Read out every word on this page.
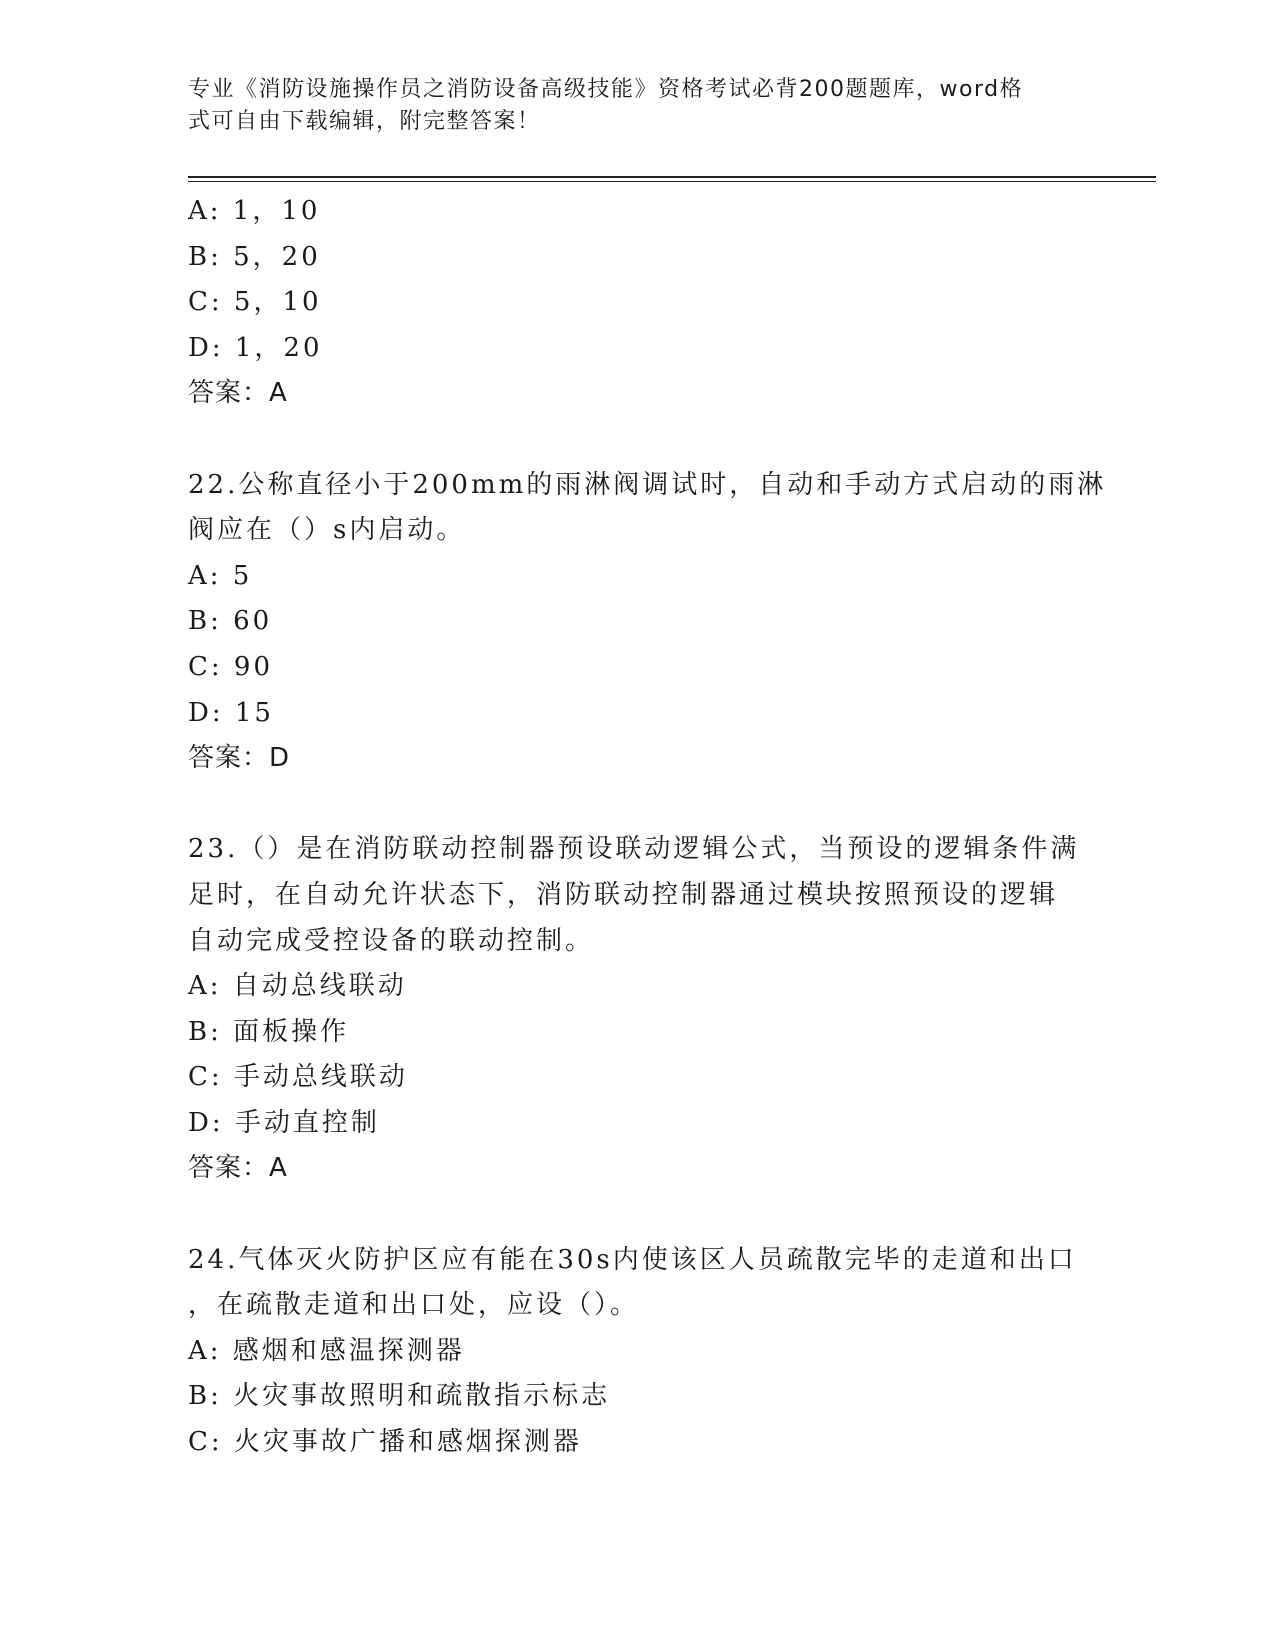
专业《消防设施操作员之消防设备高级技能》资格考试必背200题题库，word格
式可自由下载编辑，附完整答案！
A: 1，10
B: 5，20
C: 5，10
D: 1，20
答案：A
22.公称直径小于200mm的雨淋阀调试时，自动和手动方式启动的雨淋
阀应在（）s内启动。
A: 5
B: 60
C: 90
D: 15
答案：D
23.（）是在消防联动控制器预设联动逻辑公式，当预设的逻辑条件满
足时，在自动允许状态下，消防联动控制器通过模块按照预设的逻辑
自动完成受控设备的联动控制。
A: 自动总线联动
B: 面板操作
C: 手动总线联动
D: 手动直控制
答案：A
24.气体灭火防护区应有能在30s内使该区人员疏散完毕的走道和出口
，在疏散走道和出口处，应设（）。
A: 感烟和感温探测器
B: 火灾事故照明和疏散指示标志
C: 火灾事故广播和感烟探测器
